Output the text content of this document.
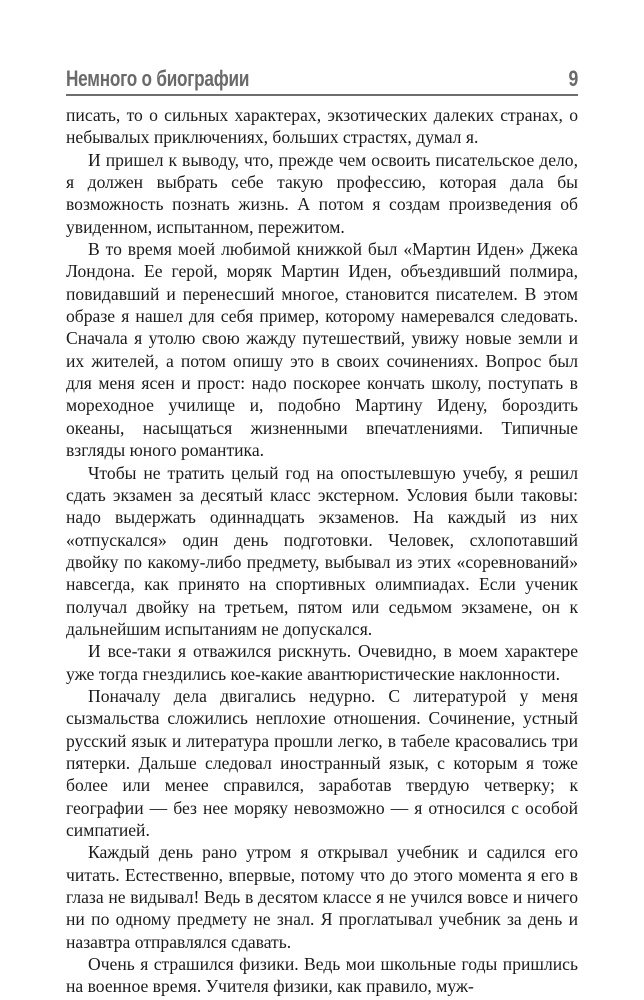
Немного о биографии	9

писать, то о сильных характерах, экзотических далеких странах, о небывалых приключениях, больших страстях, думал я.

И пришел к выводу, что, прежде чем освоить писательское дело, я должен выбрать себе такую профессию, которая дала бы возможность познать жизнь. А потом я создам произведения об увиденном, испытанном, пережитом.

В то время моей любимой книжкой был «Мартин Иден» Джека Лондона. Ее герой, моряк Мартин Иден, объездивший полмира, повидавший и перенесший многое, становится писателем. В этом образе я нашел для себя пример, которому намеревался следовать. Сначала я утолю свою жажду путешествий, увижу новые земли и их жителей, а потом опишу это в своих сочинениях. Вопрос был для меня ясен и прост: надо поскорее кончать школу, поступать в мореходное училище и, подобно Мартину Идену, бороздить океаны, насыщаться жизненными впечатлениями. Типичные взгляды юного романтика.

Чтобы не тратить целый год на опостылевшую учебу, я решил сдать экзамен за десятый класс экстерном. Условия были таковы: надо выдержать одиннадцать экзаменов. На каждый из них «отпускался» один день подготовки. Человек, схлопотавший двойку по какому-либо предмету, выбывал из этих «соревнований» навсегда, как принято на спортивных олимпиадах. Если ученик получал двойку на третьем, пятом или седьмом экзамене, он к дальнейшим испытаниям не допускался.

И все-таки я отважился рискнуть. Очевидно, в моем характере уже тогда гнездились кое-какие авантюристические наклонности.

Поначалу дела двигались недурно. С литературой у меня сызмальства сложились неплохие отношения. Сочинение, устный русский язык и литература прошли легко, в табеле красовались три пятерки. Дальше следовал иностранный язык, с которым я тоже более или менее справился, заработав твердую четверку; к географии — без нее моряку невозможно — я относился с особой симпатией.

Каждый день рано утром я открывал учебник и садился его читать. Естественно, впервые, потому что до этого момента я его в глаза не видывал! Ведь в десятом классе я не учился вовсе и ничего ни по одному предмету не знал. Я проглатывал учебник за день и назавтра отправлялся сдавать.

Очень я страшился физики. Ведь мои школьные годы пришлись на военное время. Учителя физики, как правило, муж-
